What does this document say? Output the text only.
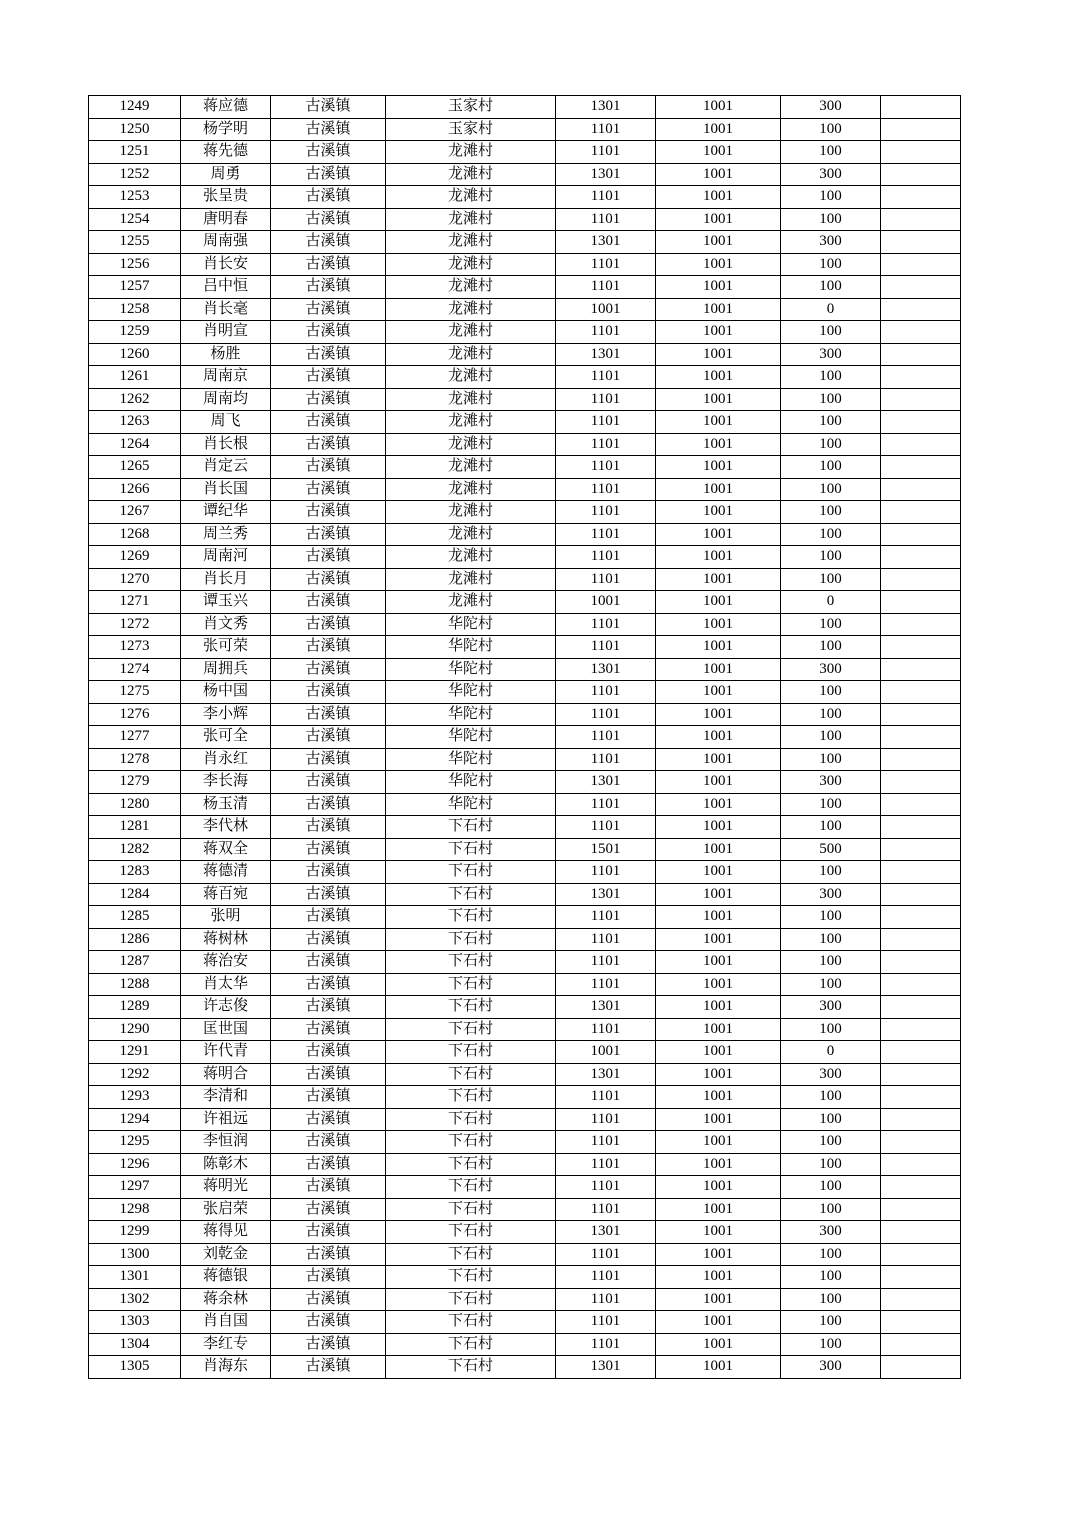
1249	蒋应德	古溪镇	玉家村	1301	1001	300	
1250	杨学明	古溪镇	玉家村	1101	1001	100	
1251	蒋先德	古溪镇	龙滩村	1101	1001	100	
1252	周勇	古溪镇	龙滩村	1301	1001	300	
1253	张呈贵	古溪镇	龙滩村	1101	1001	100	
1254	唐明春	古溪镇	龙滩村	1101	1001	100	
1255	周南强	古溪镇	龙滩村	1301	1001	300	
1256	肖长安	古溪镇	龙滩村	1101	1001	100	
1257	吕中恒	古溪镇	龙滩村	1101	1001	100	
1258	肖长毫	古溪镇	龙滩村	1001	1001	0	
1259	肖明宣	古溪镇	龙滩村	1101	1001	100	
1260	杨胜	古溪镇	龙滩村	1301	1001	300	
1261	周南京	古溪镇	龙滩村	1101	1001	100	
1262	周南均	古溪镇	龙滩村	1101	1001	100	
1263	周飞	古溪镇	龙滩村	1101	1001	100	
1264	肖长根	古溪镇	龙滩村	1101	1001	100	
1265	肖定云	古溪镇	龙滩村	1101	1001	100	
1266	肖长国	古溪镇	龙滩村	1101	1001	100	
1267	谭纪华	古溪镇	龙滩村	1101	1001	100	
1268	周兰秀	古溪镇	龙滩村	1101	1001	100	
1269	周南河	古溪镇	龙滩村	1101	1001	100	
1270	肖长月	古溪镇	龙滩村	1101	1001	100	
1271	谭玉兴	古溪镇	龙滩村	1001	1001	0	
1272	肖文秀	古溪镇	华陀村	1101	1001	100	
1273	张可荣	古溪镇	华陀村	1101	1001	100	
1274	周拥兵	古溪镇	华陀村	1301	1001	300	
1275	杨中国	古溪镇	华陀村	1101	1001	100	
1276	李小辉	古溪镇	华陀村	1101	1001	100	
1277	张可全	古溪镇	华陀村	1101	1001	100	
1278	肖永红	古溪镇	华陀村	1101	1001	100	
1279	李长海	古溪镇	华陀村	1301	1001	300	
1280	杨玉清	古溪镇	华陀村	1101	1001	100	
1281	李代林	古溪镇	下石村	1101	1001	100	
1282	蒋双全	古溪镇	下石村	1501	1001	500	
1283	蒋德清	古溪镇	下石村	1101	1001	100	
1284	蒋百宛	古溪镇	下石村	1301	1001	300	
1285	张明	古溪镇	下石村	1101	1001	100	
1286	蒋树林	古溪镇	下石村	1101	1001	100	
1287	蒋治安	古溪镇	下石村	1101	1001	100	
1288	肖太华	古溪镇	下石村	1101	1001	100	
1289	许志俊	古溪镇	下石村	1301	1001	300	
1290	匡世国	古溪镇	下石村	1101	1001	100	
1291	许代青	古溪镇	下石村	1001	1001	0	
1292	蒋明合	古溪镇	下石村	1301	1001	300	
1293	李清和	古溪镇	下石村	1101	1001	100	
1294	许祖远	古溪镇	下石村	1101	1001	100	
1295	李恒润	古溪镇	下石村	1101	1001	100	
1296	陈彰木	古溪镇	下石村	1101	1001	100	
1297	蒋明光	古溪镇	下石村	1101	1001	100	
1298	张启荣	古溪镇	下石村	1101	1001	100	
1299	蒋得见	古溪镇	下石村	1301	1001	300	
1300	刘乾金	古溪镇	下石村	1101	1001	100	
1301	蒋德银	古溪镇	下石村	1101	1001	100	
1302	蒋余林	古溪镇	下石村	1101	1001	100	
1303	肖自国	古溪镇	下石村	1101	1001	100	
1304	李红专	古溪镇	下石村	1101	1001	100	
1305	肖海东	古溪镇	下石村	1301	1001	300	
